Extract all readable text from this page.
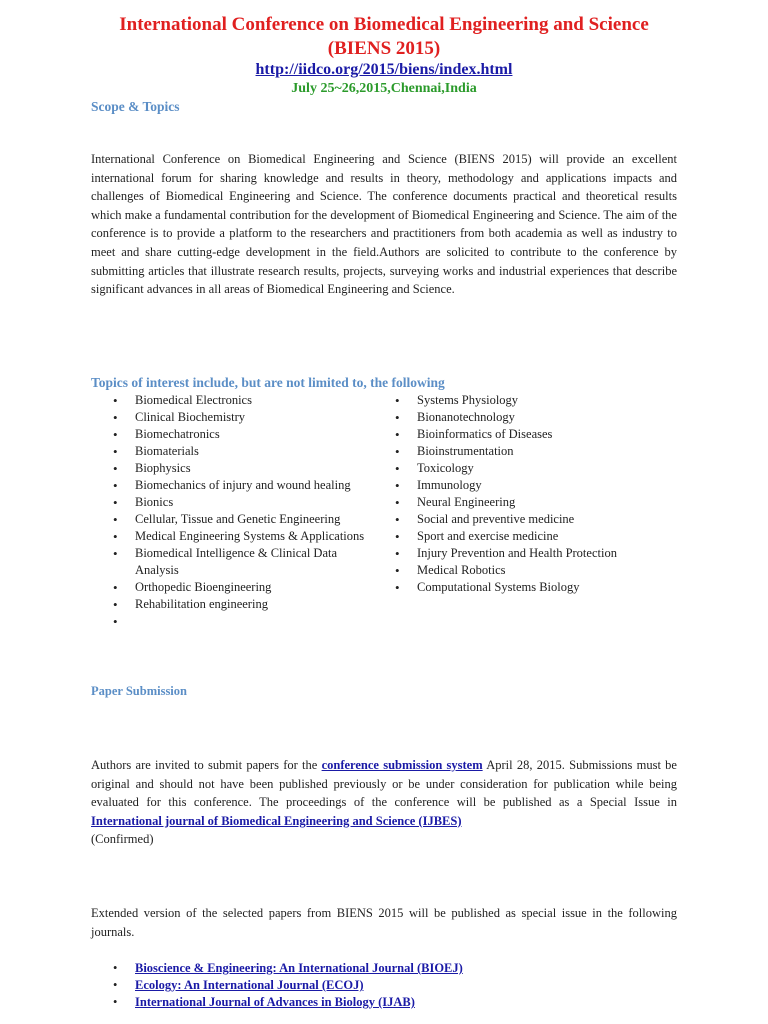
International Conference on Biomedical Engineering and Science
(BIENS 2015)
http://iidco.org/2015/biens/index.html
July 25~26,2015,Chennai,India
Scope & Topics

International Conference on Biomedical Engineering and Science (BIENS 2015) will provide an excellent international forum for sharing knowledge and results in theory, methodology and applications impacts and challenges of Biomedical Engineering and Science. The conference documents practical and theoretical results which make a fundamental contribution for the development of Biomedical Engineering and Science. The aim of the conference is to provide a platform to the researchers and practitioners from both academia as well as industry to meet and share cutting-edge development in the field.Authors are solicited to contribute to the conference by submitting articles that illustrate research results, projects, surveying works and industrial experiences that describe significant advances in all areas of Biomedical Engineering and Science.

Topics of interest include, but are not limited to, the following
• Biomedical Electronics
• Clinical Biochemistry
• Biomechatronics
• Biomaterials
• Biophysics
• Biomechanics of injury and wound healing
• Bionics
• Cellular, Tissue and Genetic Engineering
• Medical Engineering Systems & Applications
• Biomedical Intelligence & Clinical Data Analysis
• Orthopedic Bioengineering
• Rehabilitation engineering
•
• Systems Physiology
• Bionanotechnology
• Bioinformatics of Diseases
• Bioinstrumentation
• Toxicology
• Immunology
• Neural Engineering
• Social and preventive medicine
• Sport and exercise medicine
• Injury Prevention and Health Protection
• Medical Robotics
• Computational Systems Biology
Paper Submission

Authors are invited to submit papers for the conference submission system April 28, 2015. Submissions must be original and should not have been published previously or be under consideration for publication while being evaluated for this conference. The proceedings of the conference will be published as a Special Issue in International journal of Biomedical Engineering and Science (IJBES)
(Confirmed)

Extended version of the selected papers from BIENS 2015 will be published as special issue in the following journals.

• Bioscience & Engineering: An International Journal (BIOEJ)
• Ecology: An International Journal (ECOJ)
• International Journal of Advances in Biology (IJAB)
